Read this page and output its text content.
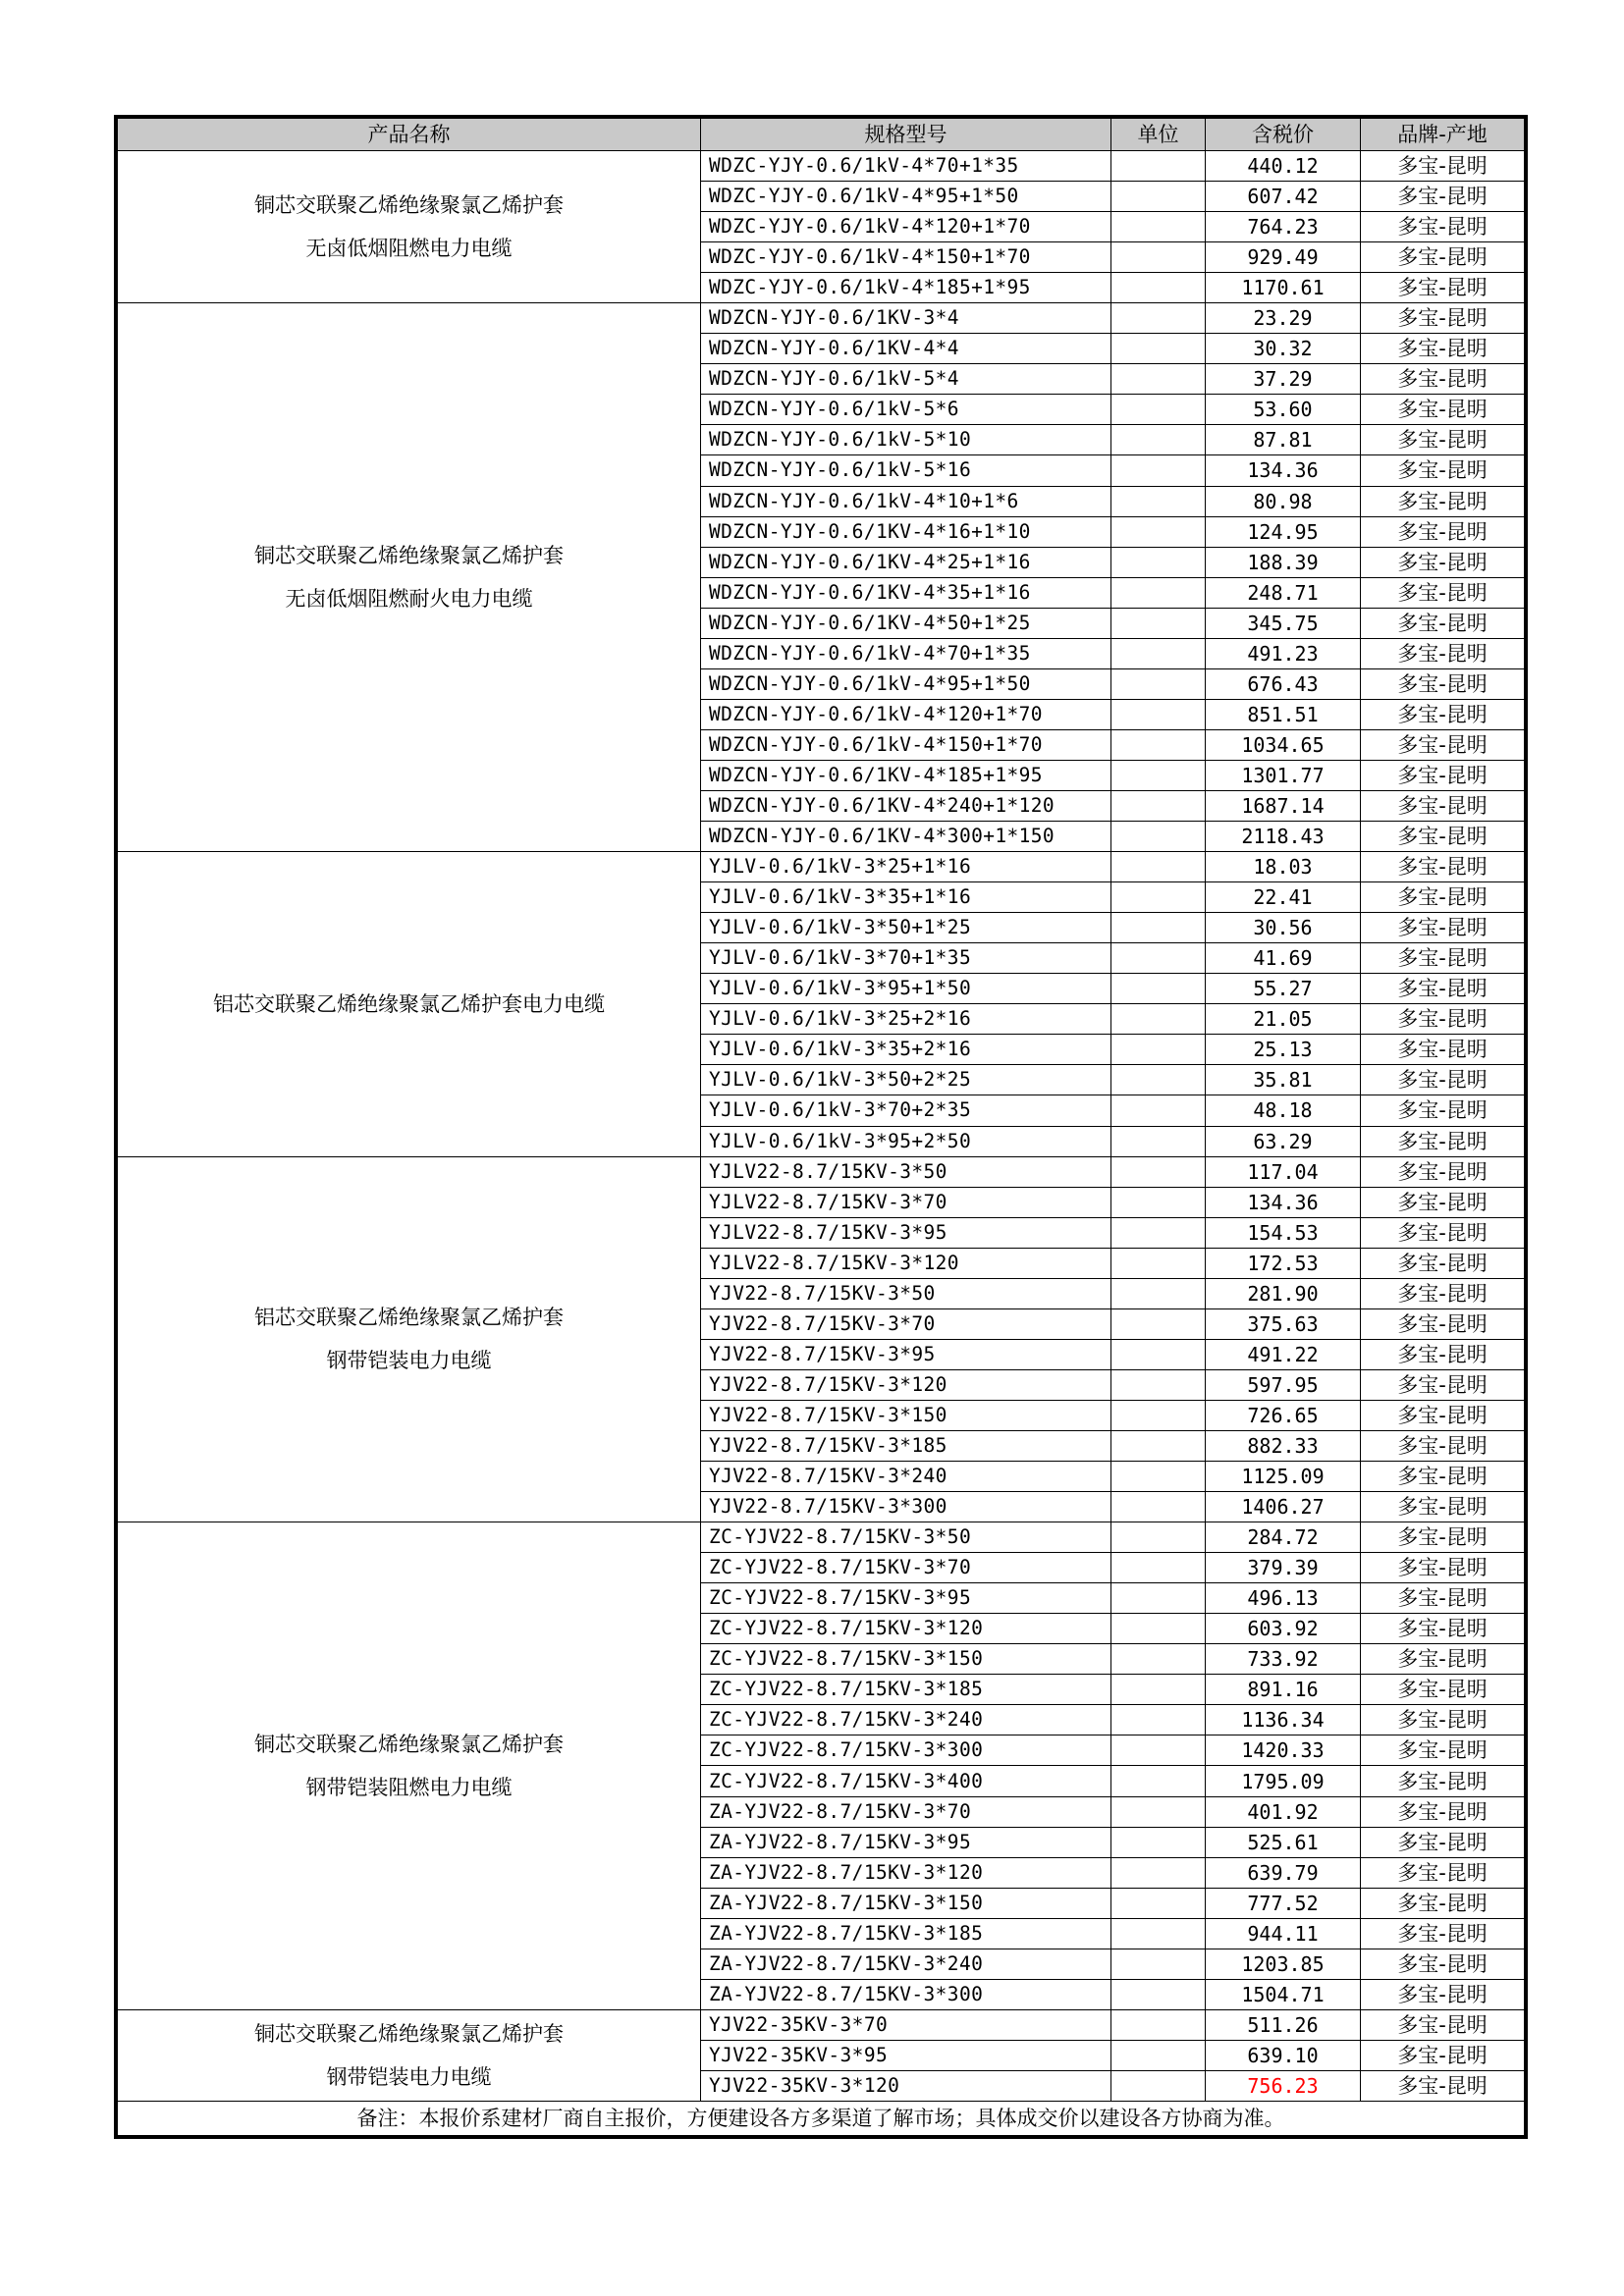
产品名称	规格型号	单位	含税价	品牌-产地

铜芯交联聚乙烯绝缘聚氯乙烯护套
无卤低烟阻燃电力电缆	WDZC-YJY-0.6/1kV-4*70+1*35		440.12	多宝-昆明
	WDZC-YJY-0.6/1kV-4*95+1*50		607.42	多宝-昆明
	WDZC-YJY-0.6/1kV-4*120+1*70		764.23	多宝-昆明
	WDZC-YJY-0.6/1kV-4*150+1*70		929.49	多宝-昆明
	WDZC-YJY-0.6/1kV-4*185+1*95		1170.61	多宝-昆明

铜芯交联聚乙烯绝缘聚氯乙烯护套
无卤低烟阻燃耐火电力电缆	WDZCN-YJY-0.6/1KV-3*4		23.29	多宝-昆明
	WDZCN-YJY-0.6/1KV-4*4		30.32	多宝-昆明
	WDZCN-YJY-0.6/1kV-5*4		37.29	多宝-昆明
	WDZCN-YJY-0.6/1kV-5*6		53.60	多宝-昆明
	WDZCN-YJY-0.6/1kV-5*10		87.81	多宝-昆明
	WDZCN-YJY-0.6/1kV-5*16		134.36	多宝-昆明
	WDZCN-YJY-0.6/1kV-4*10+1*6		80.98	多宝-昆明
	WDZCN-YJY-0.6/1KV-4*16+1*10		124.95	多宝-昆明
	WDZCN-YJY-0.6/1KV-4*25+1*16		188.39	多宝-昆明
	WDZCN-YJY-0.6/1KV-4*35+1*16		248.71	多宝-昆明
	WDZCN-YJY-0.6/1KV-4*50+1*25		345.75	多宝-昆明
	WDZCN-YJY-0.6/1kV-4*70+1*35		491.23	多宝-昆明
	WDZCN-YJY-0.6/1kV-4*95+1*50		676.43	多宝-昆明
	WDZCN-YJY-0.6/1kV-4*120+1*70		851.51	多宝-昆明
	WDZCN-YJY-0.6/1kV-4*150+1*70		1034.65	多宝-昆明
	WDZCN-YJY-0.6/1KV-4*185+1*95		1301.77	多宝-昆明
	WDZCN-YJY-0.6/1KV-4*240+1*120		1687.14	多宝-昆明
	WDZCN-YJY-0.6/1KV-4*300+1*150		2118.43	多宝-昆明

铝芯交联聚乙烯绝缘聚氯乙烯护套电力电缆	YJLV-0.6/1kV-3*25+1*16		18.03	多宝-昆明
	YJLV-0.6/1kV-3*35+1*16		22.41	多宝-昆明
	YJLV-0.6/1kV-3*50+1*25		30.56	多宝-昆明
	YJLV-0.6/1kV-3*70+1*35		41.69	多宝-昆明
	YJLV-0.6/1kV-3*95+1*50		55.27	多宝-昆明
	YJLV-0.6/1kV-3*25+2*16		21.05	多宝-昆明
	YJLV-0.6/1kV-3*35+2*16		25.13	多宝-昆明
	YJLV-0.6/1kV-3*50+2*25		35.81	多宝-昆明
	YJLV-0.6/1kV-3*70+2*35		48.18	多宝-昆明
	YJLV-0.6/1kV-3*95+2*50		63.29	多宝-昆明

铝芯交联聚乙烯绝缘聚氯乙烯护套
钢带铠装电力电缆	YJLV22-8.7/15KV-3*50		117.04	多宝-昆明
	YJLV22-8.7/15KV-3*70		134.36	多宝-昆明
	YJLV22-8.7/15KV-3*95		154.53	多宝-昆明
	YJLV22-8.7/15KV-3*120		172.53	多宝-昆明
	YJV22-8.7/15KV-3*50		281.90	多宝-昆明
	YJV22-8.7/15KV-3*70		375.63	多宝-昆明
	YJV22-8.7/15KV-3*95		491.22	多宝-昆明
	YJV22-8.7/15KV-3*120		597.95	多宝-昆明
	YJV22-8.7/15KV-3*150		726.65	多宝-昆明
	YJV22-8.7/15KV-3*185		882.33	多宝-昆明
	YJV22-8.7/15KV-3*240		1125.09	多宝-昆明
	YJV22-8.7/15KV-3*300		1406.27	多宝-昆明

铜芯交联聚乙烯绝缘聚氯乙烯护套
钢带铠装阻燃电力电缆	ZC-YJV22-8.7/15KV-3*50		284.72	多宝-昆明
	ZC-YJV22-8.7/15KV-3*70		379.39	多宝-昆明
	ZC-YJV22-8.7/15KV-3*95		496.13	多宝-昆明
	ZC-YJV22-8.7/15KV-3*120		603.92	多宝-昆明
	ZC-YJV22-8.7/15KV-3*150		733.92	多宝-昆明
	ZC-YJV22-8.7/15KV-3*185		891.16	多宝-昆明
	ZC-YJV22-8.7/15KV-3*240		1136.34	多宝-昆明
	ZC-YJV22-8.7/15KV-3*300		1420.33	多宝-昆明
	ZC-YJV22-8.7/15KV-3*400		1795.09	多宝-昆明
	ZA-YJV22-8.7/15KV-3*70		401.92	多宝-昆明
	ZA-YJV22-8.7/15KV-3*95		525.61	多宝-昆明
	ZA-YJV22-8.7/15KV-3*120		639.79	多宝-昆明
	ZA-YJV22-8.7/15KV-3*150		777.52	多宝-昆明
	ZA-YJV22-8.7/15KV-3*185		944.11	多宝-昆明
	ZA-YJV22-8.7/15KV-3*240		1203.85	多宝-昆明
	ZA-YJV22-8.7/15KV-3*300		1504.71	多宝-昆明

铜芯交联聚乙烯绝缘聚氯乙烯护套
钢带铠装电力电缆	YJV22-35KV-3*70		511.26	多宝-昆明
	YJV22-35KV-3*95		639.10	多宝-昆明
	YJV22-35KV-3*120		756.23	多宝-昆明
备注：本报价系建材厂商自主报价，方便建设各方多渠道了解市场；具体成交价以建设各方协商为准。				
